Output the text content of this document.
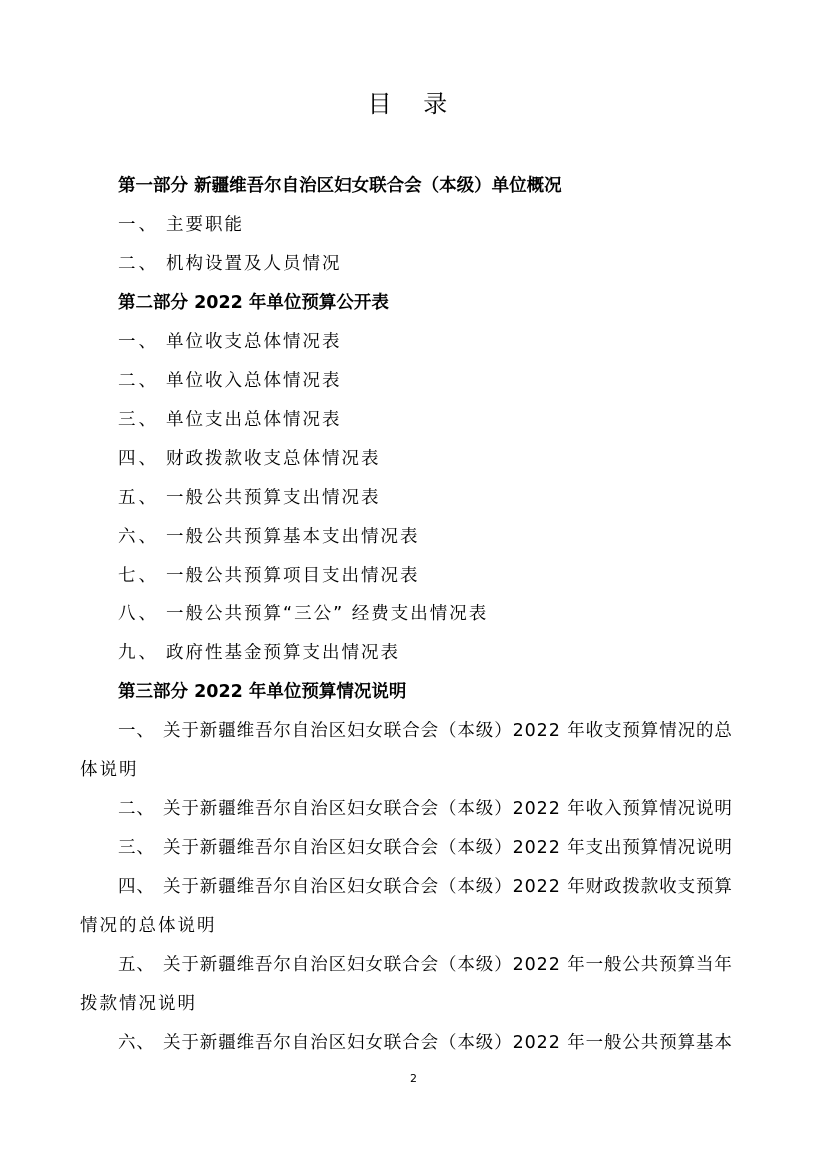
目 录
第一部分 新疆维吾尔自治区妇女联合会（本级）单位概况
一、 主要职能
二、 机构设置及人员情况
第二部分 2022 年单位预算公开表
一、 单位收支总体情况表
二、 单位收入总体情况表
三、 单位支出总体情况表
四、 财政拨款收支总体情况表
五、 一般公共预算支出情况表
六、 一般公共预算基本支出情况表
七、 一般公共预算项目支出情况表
八、 一般公共预算“三公” 经费支出情况表
九、 政府性基金预算支出情况表
第三部分 2022 年单位预算情况说明
一、 关于新疆维吾尔自治区妇女联合会（本级）2022 年收支预算情况的总
体说明
二、 关于新疆维吾尔自治区妇女联合会（本级）2022 年收入预算情况说明
三、 关于新疆维吾尔自治区妇女联合会（本级）2022 年支出预算情况说明
四、 关于新疆维吾尔自治区妇女联合会（本级）2022 年财政拨款收支预算
情况的总体说明
五、 关于新疆维吾尔自治区妇女联合会（本级）2022 年一般公共预算当年
拨款情况说明
六、 关于新疆维吾尔自治区妇女联合会（本级）2022 年一般公共预算基本
2
